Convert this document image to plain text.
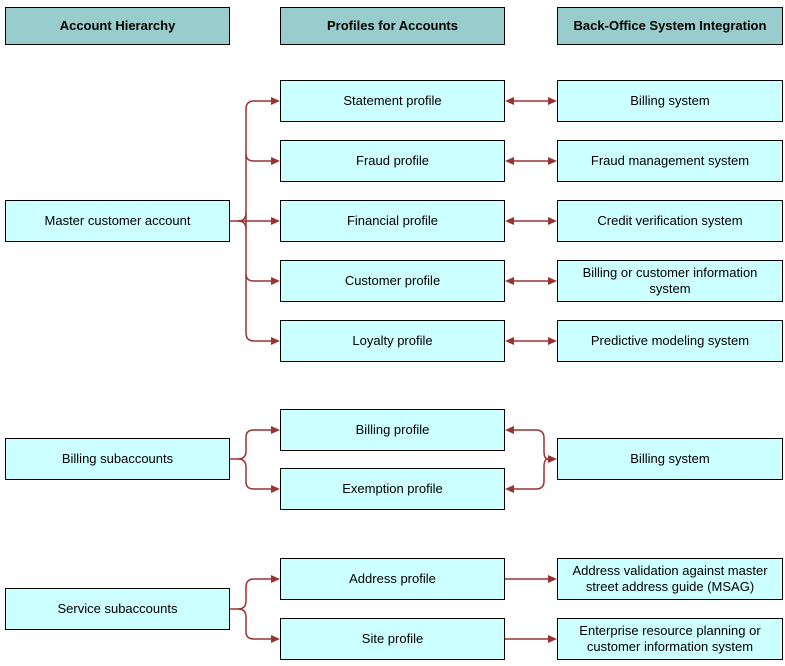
Account Hierarchy	Profiles for Accounts	Back-Office System Integration
Master customer account
Statement profile
Fraud profile
Financial profile
Customer profile
Loyalty profile
Billing system
Fraud management system
Credit verification system
Billing or customer information system
Predictive modeling system
Billing subaccounts
Billing profile
Exemption profile
Billing system
Service subaccounts
Address profile
Site profile
Address validation against master street address guide (MSAG)
Enterprise resource planning or customer information system
